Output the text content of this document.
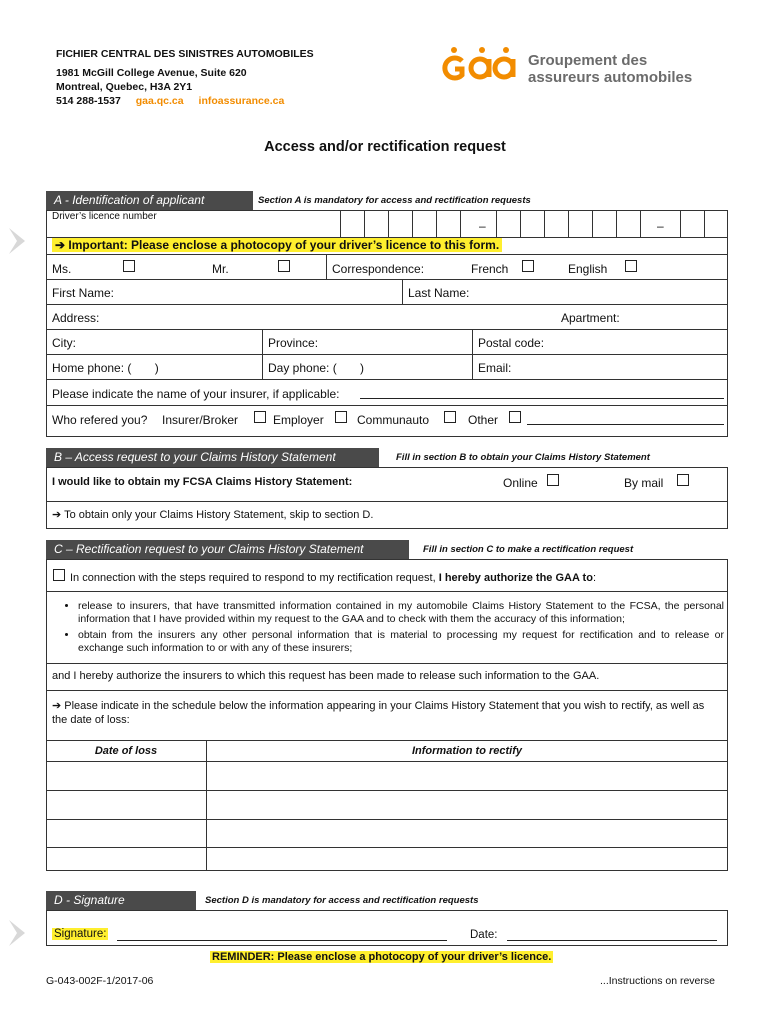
FICHIER CENTRAL DES SINISTRES AUTOMOBILES
1981 McGill College Avenue, Suite 620
Montreal, Quebec, H3A 2Y1
514 288-1537 gaa.qc.ca infoassurance.ca
Groupement des
assureurs automobiles
Access and/or rectification request
A - Identification of applicant	Section A is mandatory for access and rectification requests
Driver’s licence number
–	–
➔ Important: Please enclose a photocopy of your driver’s licence to this form.
Ms.	Mr.	Correspondence:	French	English
First Name:	Last Name:
Address:	Apartment:
City:	Province:	Postal code:
Home phone: (       )	Day phone: (       )	Email:
Please indicate the name of your insurer, if applicable:
Who refered you? Insurer/Broker	Employer	Communauto	Other
B – Access request to your Claims History Statement	Fill in section B to obtain your Claims History Statement
I would like to obtain my FCSA Claims History Statement:	Online	By mail
➔ To obtain only your Claims History Statement, skip to section D.
C – Rectification request to your Claims History Statement	Fill in section C to make a rectification request
In connection with the steps required to respond to my rectification request, I hereby authorize the GAA to:
• release to insurers, that have transmitted information contained in my automobile Claims History Statement to the FCSA, the personal information that I have provided within my request to the GAA and to check with them the accuracy of this information;
• obtain from the insurers any other personal information that is material to processing my request for rectification and to release or exchange such information to or with any of these insurers;
and I hereby authorize the insurers to which this request has been made to release such information to the GAA.
➔ Please indicate in the schedule below the information appearing in your Claims History Statement that you wish to rectify, as well as the date of loss:
Date of loss	Information to rectify
D - Signature	Section D is mandatory for access and rectification requests
Signature:	Date:
REMINDER: Please enclose a photocopy of your driver’s licence.
G-043-002F-1/2017-06	...Instructions on reverse
